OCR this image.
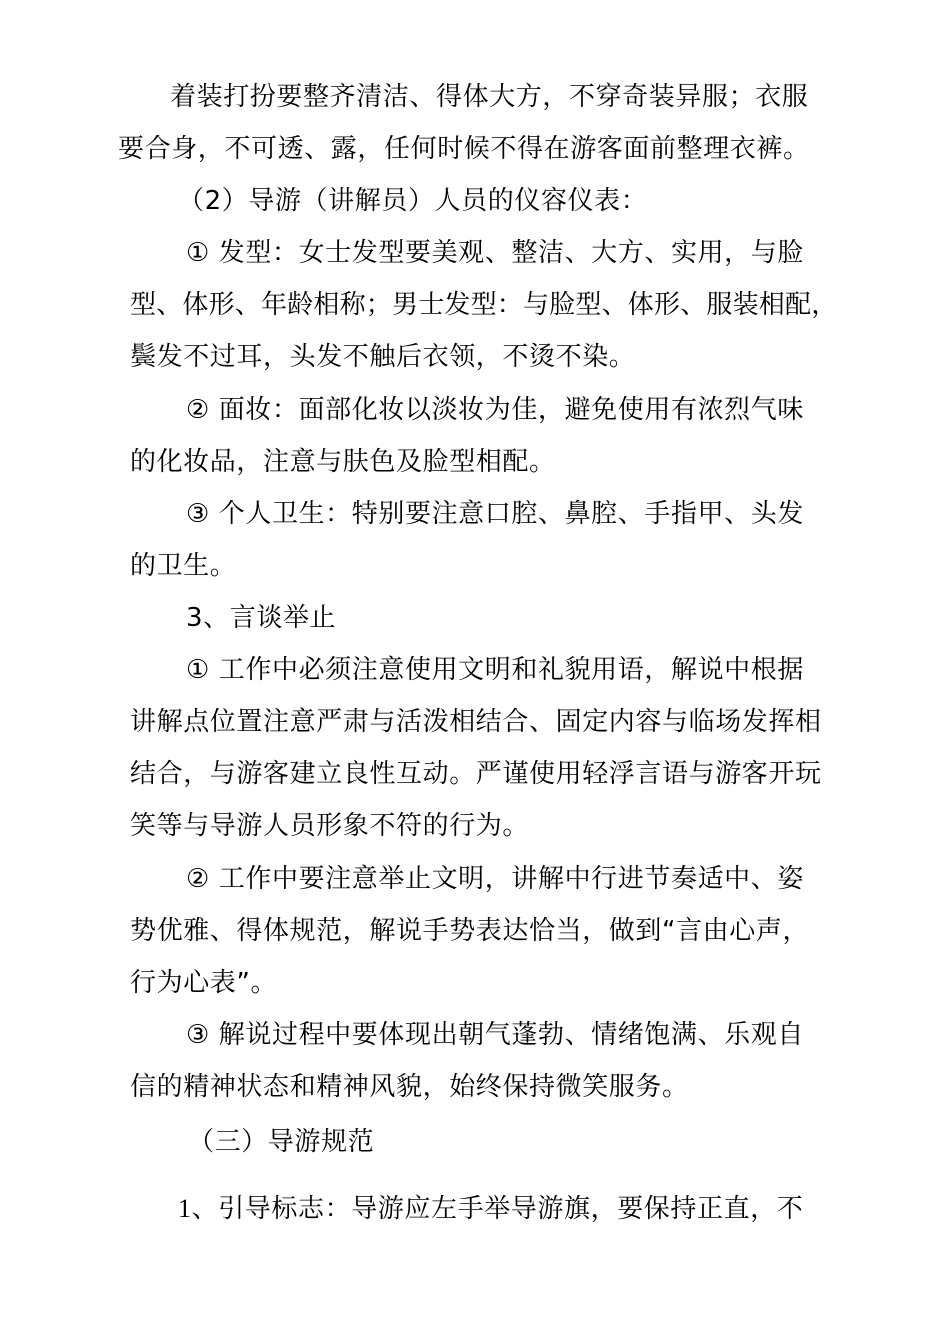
着装打扮要整齐清洁、得体大方，不穿奇装异服；衣服

要合身，不可透、露，任何时候不得在游客面前整理衣裤。

（2）导游（讲解员）人员的仪容仪表：

① 发型：女士发型要美观、整洁、大方、实用，与脸

型、体形、年龄相称；男士发型：与脸型、体形、服装相配，

鬓发不过耳，头发不触后衣领，不烫不染。

② 面妆：面部化妆以淡妆为佳，避免使用有浓烈气味

的化妆品，注意与肤色及脸型相配。

③ 个人卫生：特别要注意口腔、鼻腔、手指甲、头发

的卫生。

3、言谈举止

① 工作中必须注意使用文明和礼貌用语，解说中根据

讲解点位置注意严肃与活泼相结合、固定内容与临场发挥相

结合，与游客建立良性互动。严谨使用轻浮言语与游客开玩

笑等与导游人员形象不符的行为。

② 工作中要注意举止文明，讲解中行进节奏适中、姿

势优雅、得体规范，解说手势表达恰当，做到“言由心声，

行为心表”。

③ 解说过程中要体现出朝气蓬勃、情绪饱满、乐观自

信的精神状态和精神风貌，始终保持微笑服务。

（三）导游规范

1、引导标志：导游应左手举导游旗，要保持正直，不
